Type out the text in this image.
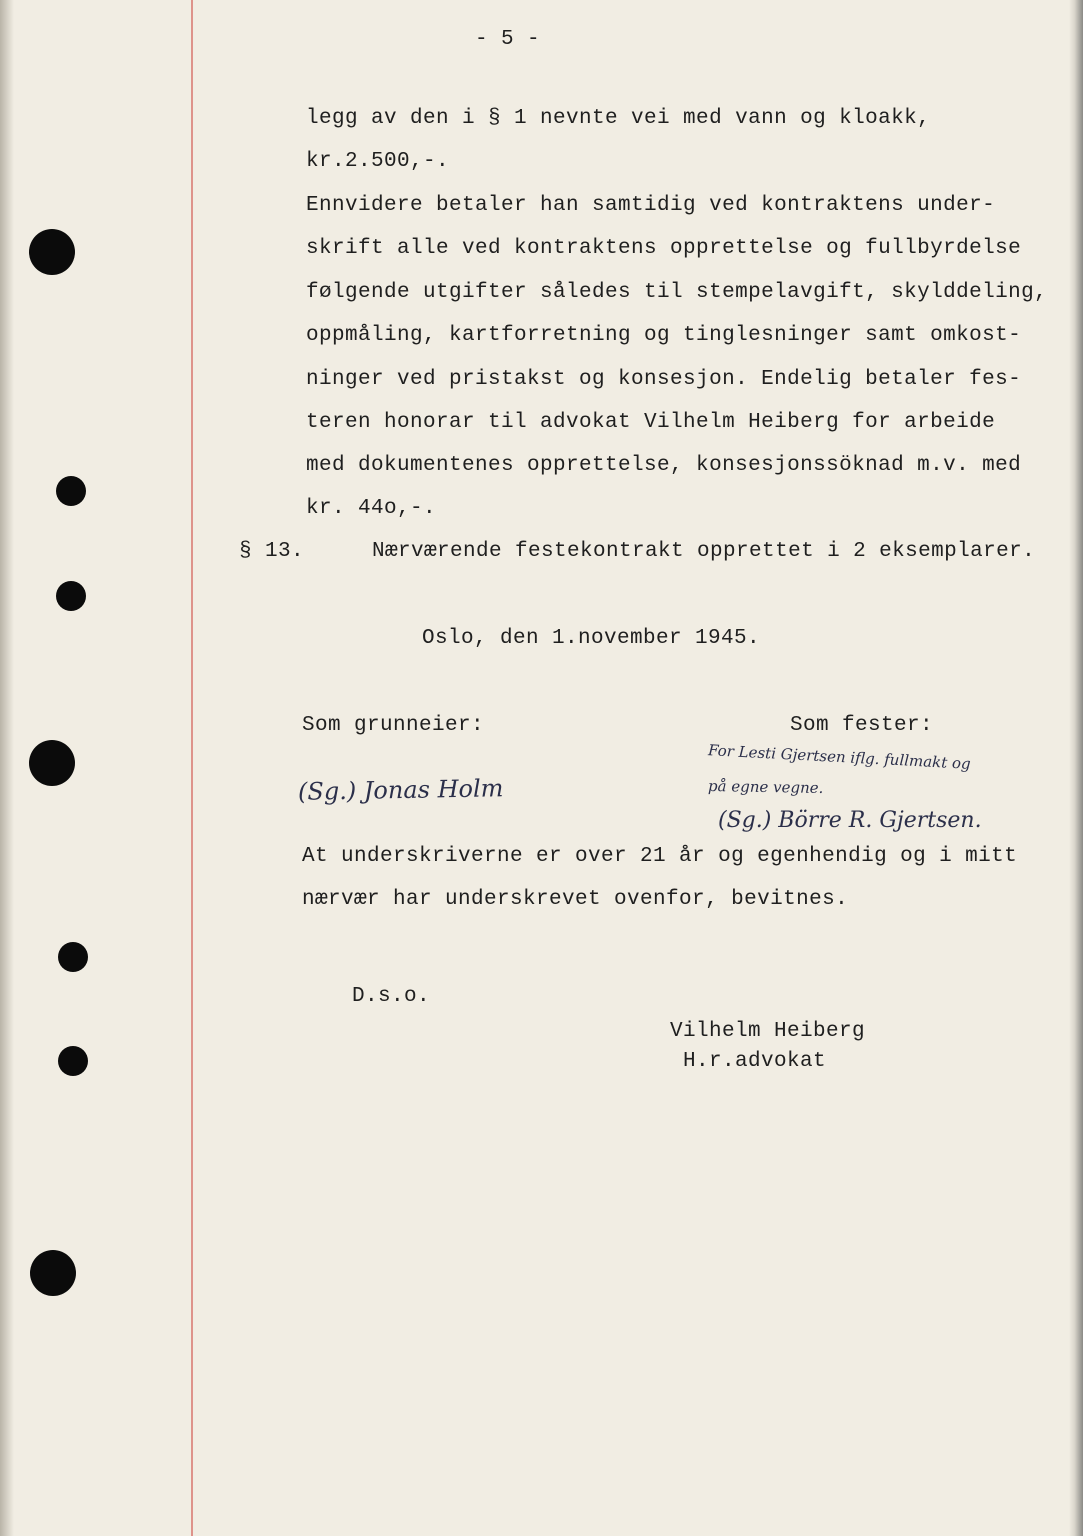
- 5 -
legg av den i § 1 nevnte vei med vann og kloakk,
kr.2.500,-.
Ennvidere betaler han samtidig ved kontraktens under-
skrift alle ved kontraktens opprettelse og fullbyrdelse
følgende utgifter således til stempelavgift, skylddeling,
oppmåling, kartforretning og tinglesninger samt omkost-
ninger ved pristakst og konsesjon. Endelig betaler fes-
teren honorar til advokat Vilhelm Heiberg for arbeide
med dokumentenes opprettelse, konsesjonssöknad m.v. med
kr. 44o,-.
§ 13.	Nærværende festekontrakt opprettet i 2 eksemplarer.
Oslo, den 1.november 1945.
Som grunneier:	Som fester:
(Sg.) Jonas Holm
For Lesti Gjertsen iflg. fullmakt og
på egne vegne.
(Sg.) Börre R. Gjertsen.
At underskriverne er over 21 år og egenhendig og i mitt
nærvær har underskrevet ovenfor, bevitnes.
D.s.o.
Vilhelm Heiberg
H.r.advokat
